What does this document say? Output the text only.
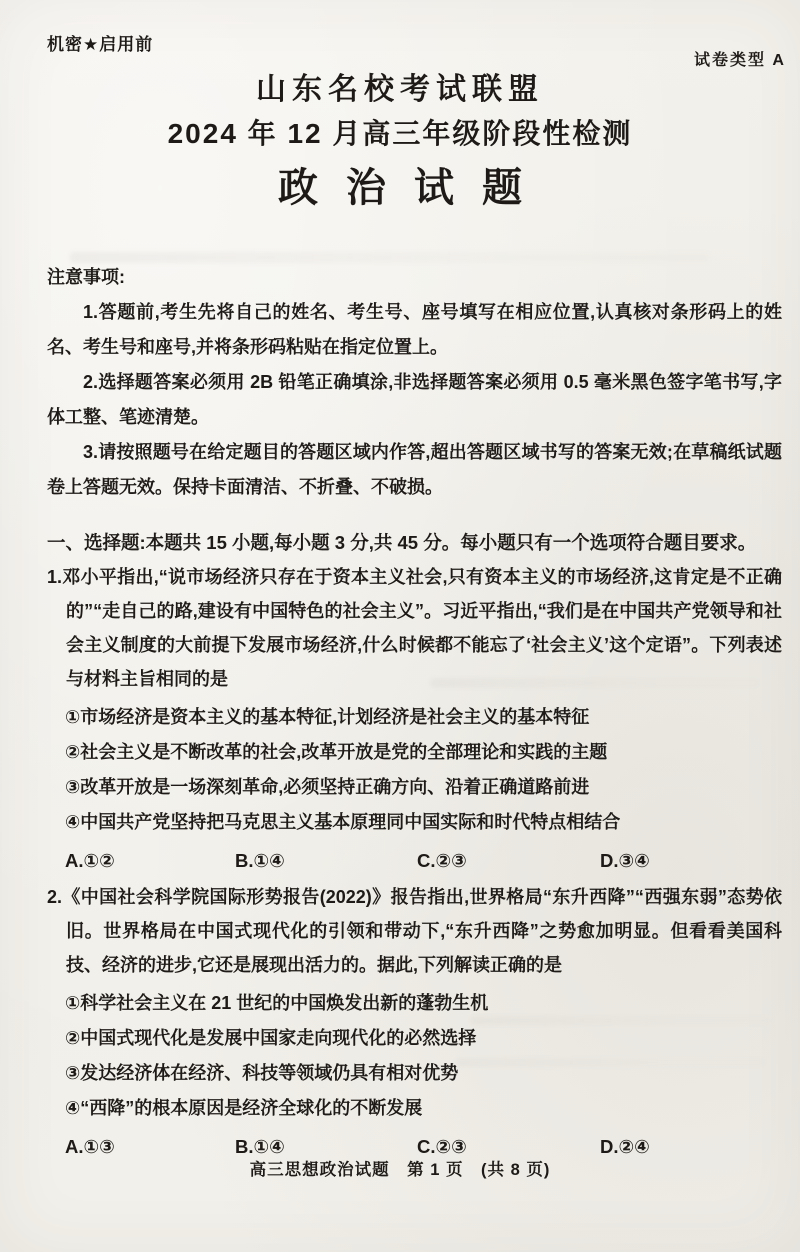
机密★启用前
试卷类型 A
山东名校考试联盟
2024 年 12 月高三年级阶段性检测
政治试题

注意事项:

1.答题前,考生先将自己的姓名、考生号、座号填写在相应位置,认真核对条形码上的姓名、考生号和座号,并将条形码粘贴在指定位置上。

2.选择题答案必须用 2B 铅笔正确填涂,非选择题答案必须用 0.5 毫米黑色签字笔书写,字体工整、笔迹清楚。

3.请按照题号在给定题目的答题区域内作答,超出答题区域书写的答案无效;在草稿纸试题卷上答题无效。保持卡面清洁、不折叠、不破损。

一、选择题:本题共 15 小题,每小题 3 分,共 45 分。每小题只有一个选项符合题目要求。

1.邓小平指出,“说市场经济只存在于资本主义社会,只有资本主义的市场经济,这肯定是不正确的”“走自己的路,建设有中国特色的社会主义”。习近平指出,“我们是在中国共产党领导和社会主义制度的大前提下发展市场经济,什么时候都不能忘了‘社会主义’这个定语”。下列表述与材料主旨相同的是

①市场经济是资本主义的基本特征,计划经济是社会主义的基本特征

②社会主义是不断改革的社会,改革开放是党的全部理论和实践的主题

③改革开放是一场深刻革命,必须坚持正确方向、沿着正确道路前进

④中国共产党坚持把马克思主义基本原理同中国实际和时代特点相结合

A.①②	B.①④	C.②③	D.③④

2.《中国社会科学院国际形势报告(2022)》报告指出,世界格局“东升西降”“西强东弱”态势依旧。世界格局在中国式现代化的引领和带动下,“东升西降”之势愈加明显。但看看美国科技、经济的进步,它还是展现出活力的。据此,下列解读正确的是

①科学社会主义在 21 世纪的中国焕发出新的蓬勃生机

②中国式现代化是发展中国家走向现代化的必然选择

③发达经济体在经济、科技等领域仍具有相对优势

④“西降”的根本原因是经济全球化的不断发展

A.①③	B.①④	C.②③	D.②④
高三思想政治试题　第 1 页　(共 8 页)
